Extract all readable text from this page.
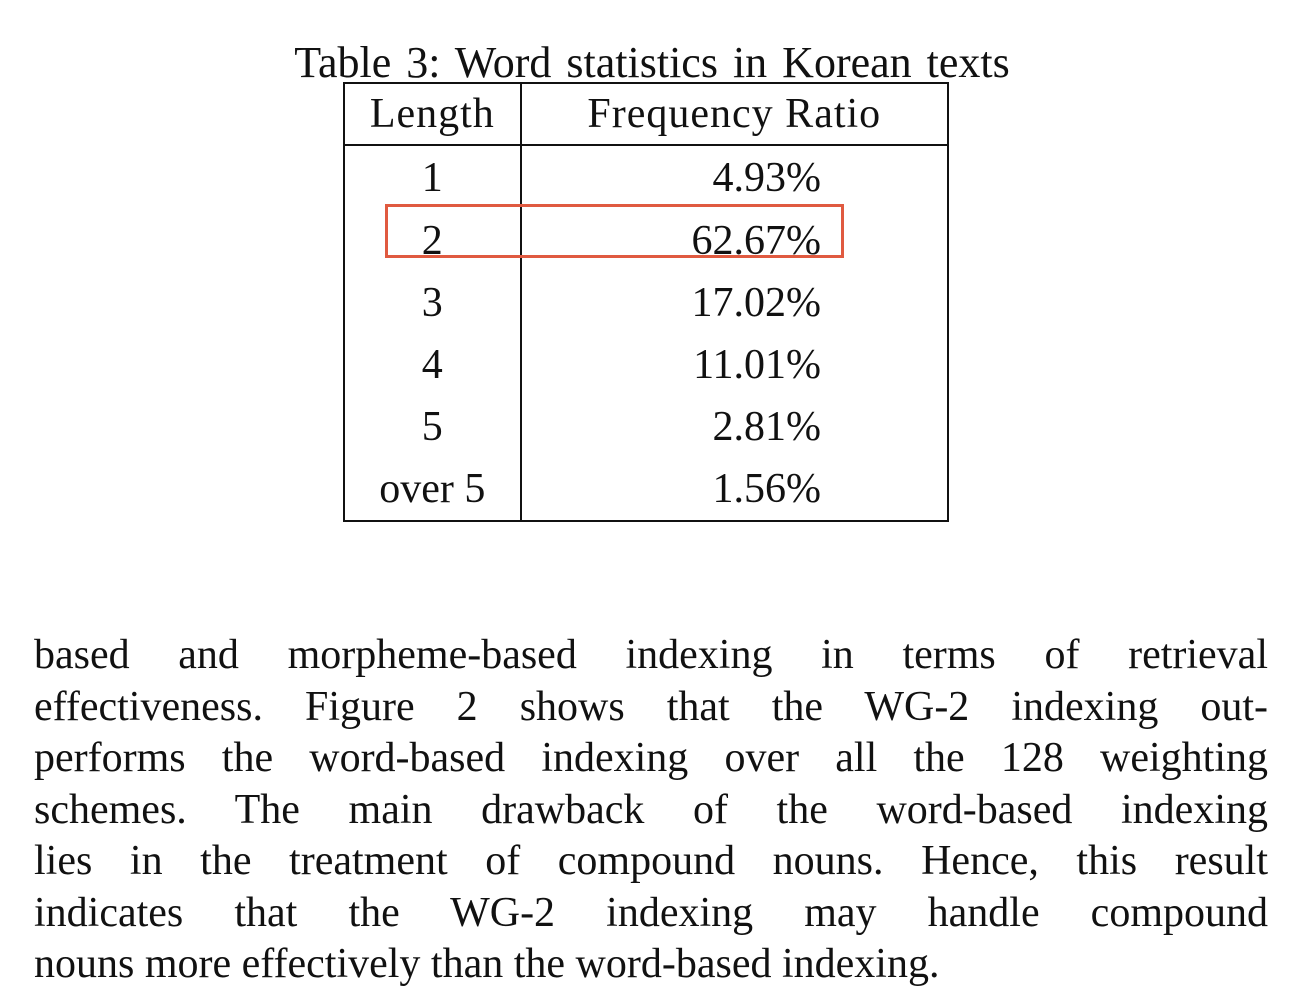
Table 3: Word statistics in Korean texts
Length	Frequency Ratio
1	4.93%
2	62.67%
3	17.02%
4	11.01%
5	2.81%
over 5	1.56%
based and morpheme-based indexing in terms of retrieval
effectiveness. Figure 2 shows that the WG-2 indexing out-
performs the word-based indexing over all the 128 weighting
schemes. The main drawback of the word-based indexing
lies in the treatment of compound nouns. Hence, this result
indicates that the WG-2 indexing may handle compound
nouns more effectively than the word-based indexing.
